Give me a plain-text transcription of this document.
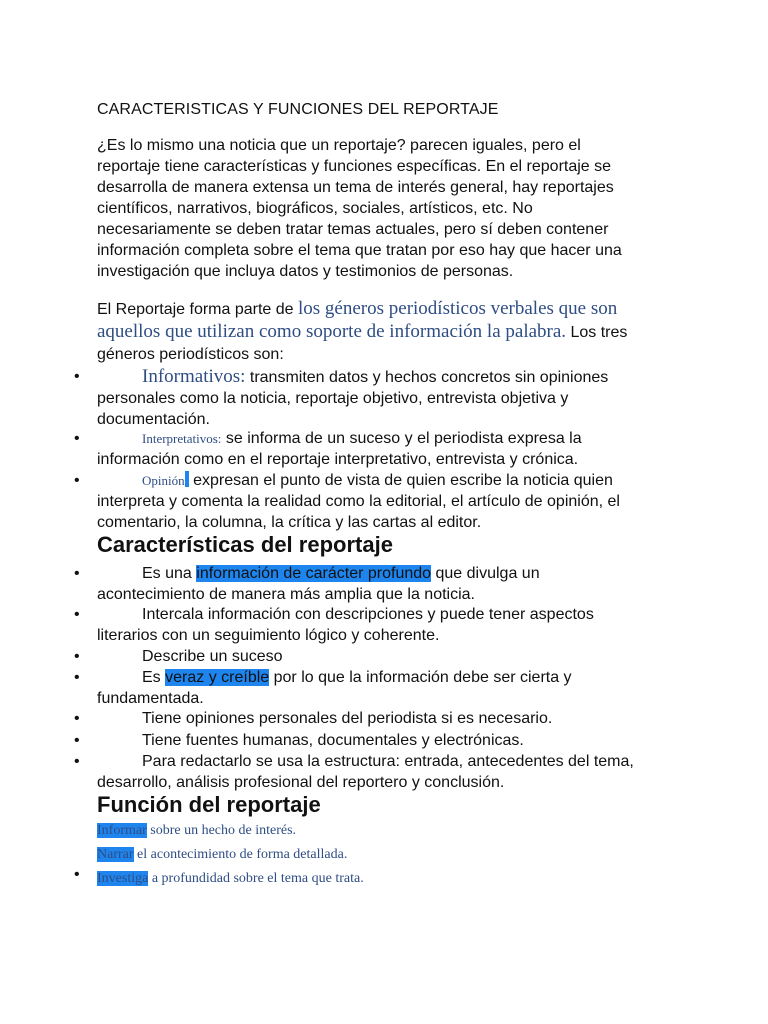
CARACTERISTICAS Y FUNCIONES DEL REPORTAJE

¿Es lo mismo una noticia que un reportaje? parecen iguales, pero el

reportaje tiene características y funciones específicas. En el reportaje se

desarrolla de manera extensa un tema de interés general, hay reportajes

científicos, narrativos, biográficos, sociales, artísticos, etc. No

necesariamente se deben tratar temas actuales, pero sí deben contener

información completa sobre el tema que tratan por eso hay que hacer una

investigación que incluya datos y testimonios de personas.

El Reportaje forma parte de los géneros periodísticos verbales que son

aquellos que utilizan como soporte de información la palabra. Los tres

géneros periodísticos son:

•	Informativos: transmiten datos y hechos concretos sin opiniones
personales como la noticia, reportaje objetivo, entrevista objetiva y
documentación.
•	Interpretativos: se informa de un suceso y el periodista expresa la
información como en el reportaje interpretativo, entrevista y crónica.
•	Opinión expresan el punto de vista de quien escribe la noticia quien
interpreta y comenta la realidad como la editorial, el artículo de opinión, el
comentario, la columna, la crítica y las cartas al editor.
Características del reportaje
•	Es una información de carácter profundo que divulga un
acontecimiento de manera más amplia que la noticia.
•	Intercala información con descripciones y puede tener aspectos
literarios con un seguimiento lógico y coherente.
•	Describe un suceso
•	Es veraz y creíble por lo que la información debe ser cierta y
fundamentada.
•	Tiene opiniones personales del periodista si es necesario.
•	Tiene fuentes humanas, documentales y electrónicas.
•	Para redactarlo se usa la estructura: entrada, antecedentes del tema,
desarrollo, análisis profesional del reportero y conclusión.
Función del reportaje

Informar sobre un hecho de interés.

Narrar el acontecimiento de forma detallada.

Investiga a profundidad sobre el tema que trata.

•
